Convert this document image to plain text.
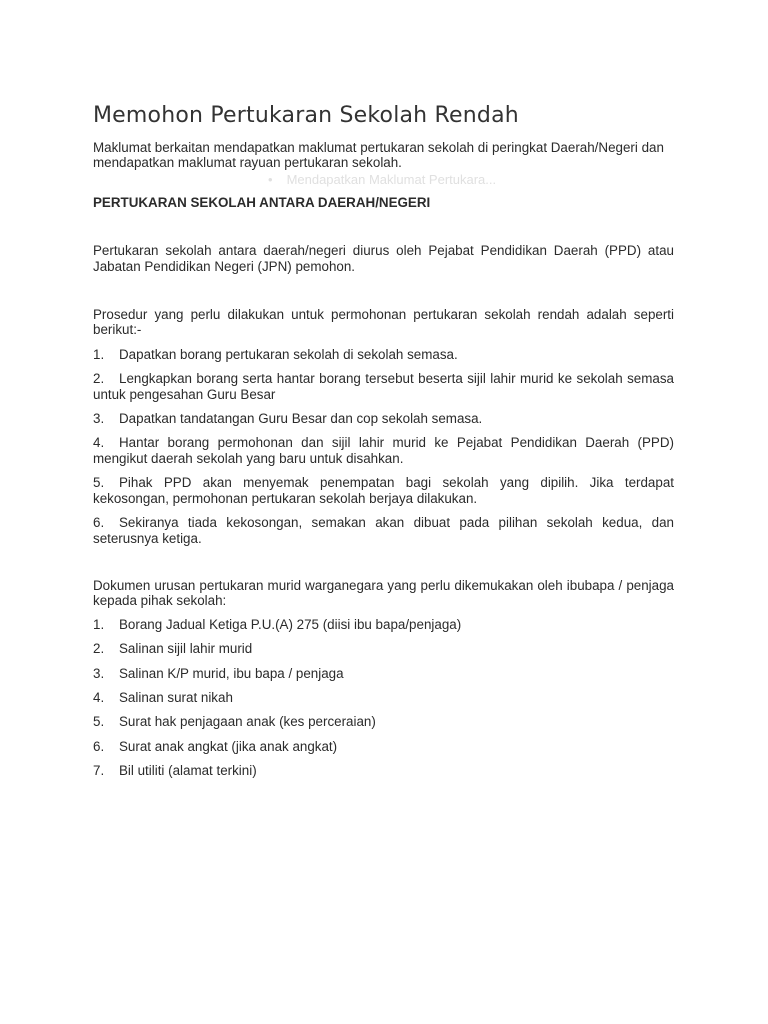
Memohon Pertukaran Sekolah Rendah

Maklumat berkaitan mendapatkan maklumat pertukaran sekolah di peringkat Daerah/Negeri dan mendapatkan maklumat rayuan pertukaran sekolah.

• Mendapatkan Maklumat Pertukara...

PERTUKARAN SEKOLAH ANTARA DAERAH/NEGERI

Pertukaran sekolah antara daerah/negeri diurus oleh Pejabat Pendidikan Daerah (PPD) atau Jabatan Pendidikan Negeri (JPN) pemohon.

Prosedur yang perlu dilakukan untuk permohonan pertukaran sekolah rendah adalah seperti berikut:-

1. Dapatkan borang pertukaran sekolah di sekolah semasa.
2. Lengkapkan borang serta hantar borang tersebut beserta sijil lahir murid ke sekolah semasa untuk pengesahan Guru Besar
3. Dapatkan tandatangan Guru Besar dan cop sekolah semasa.
4. Hantar borang permohonan dan sijil lahir murid ke Pejabat Pendidikan Daerah (PPD) mengikut daerah sekolah yang baru untuk disahkan.
5. Pihak PPD akan menyemak penempatan bagi sekolah yang dipilih. Jika terdapat kekosongan, permohonan pertukaran sekolah berjaya dilakukan.
6. Sekiranya tiada kekosongan, semakan akan dibuat pada pilihan sekolah kedua, dan seterusnya ketiga.

Dokumen urusan pertukaran murid warganegara yang perlu dikemukakan oleh ibubapa / penjaga kepada pihak sekolah:

1. Borang Jadual Ketiga P.U.(A) 275 (diisi ibu bapa/penjaga)
2. Salinan sijil lahir murid
3. Salinan K/P murid, ibu bapa / penjaga
4. Salinan surat nikah
5. Surat hak penjagaan anak (kes perceraian)
6. Surat anak angkat (jika anak angkat)
7. Bil utiliti (alamat terkini)
